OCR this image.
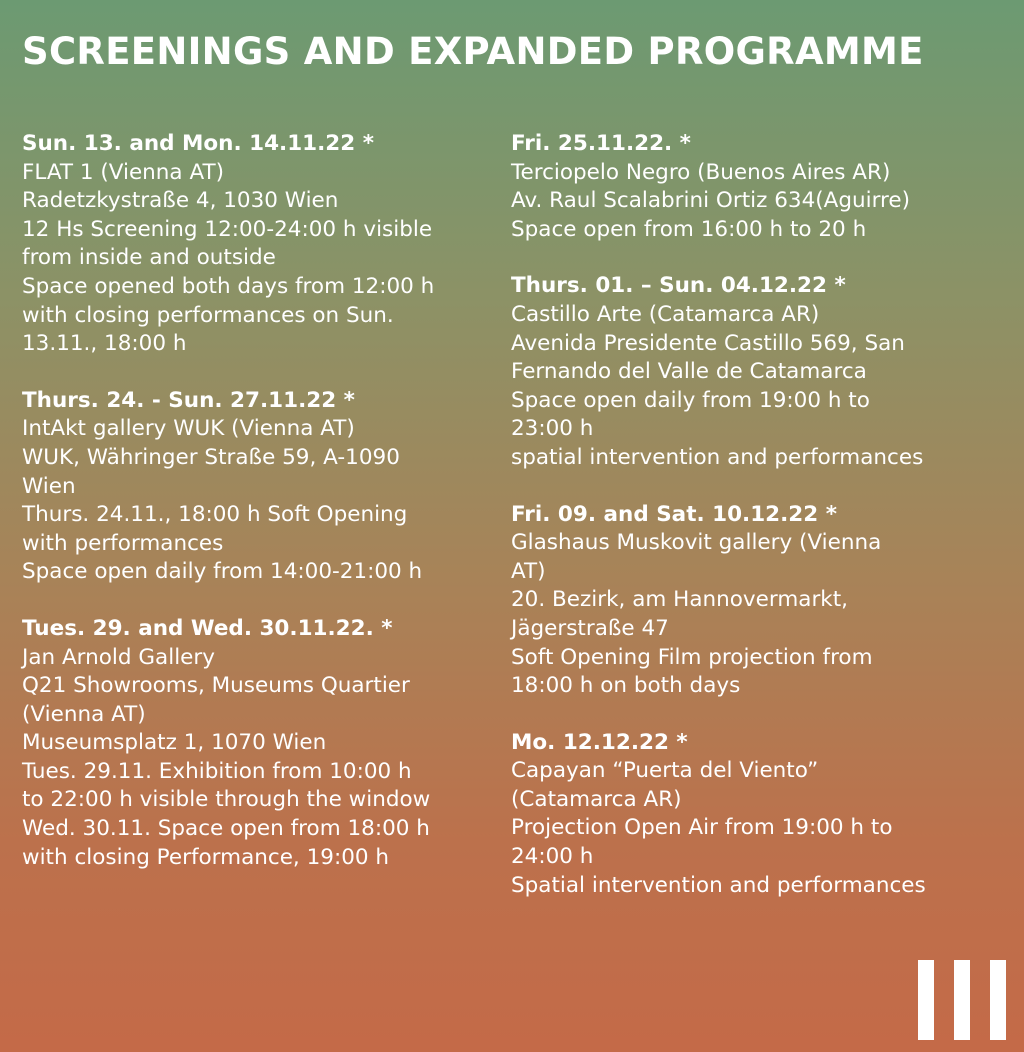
SCREENINGS AND EXPANDED PROGRAMME
Sun. 13. and Mon. 14.11.22 *
FLAT 1 (Vienna AT)
Radetzkystraße 4, 1030 Wien
12 Hs Screening 12:00-24:00 h visible
from inside and outside
Space opened both days from 12:00 h
with closing performances on Sun.
13.11., 18:00 h
Thurs. 24. - Sun. 27.11.22 *
IntAkt gallery WUK (Vienna AT)
WUK, Währinger Straße 59, A-1090
Wien
Thurs. 24.11., 18:00 h Soft Opening
with performances
Space open daily from 14:00-21:00 h
Tues. 29. and Wed. 30.11.22. *
Jan Arnold Gallery
Q21 Showrooms, Museums Quartier
(Vienna AT)
Museumsplatz 1, 1070 Wien
Tues. 29.11. Exhibition from 10:00 h
to 22:00 h visible through the window
Wed. 30.11. Space open from 18:00 h
with closing Performance, 19:00 h
Fri. 25.11.22. *
Terciopelo Negro (Buenos Aires AR)
Av. Raul Scalabrini Ortiz 634(Aguirre)
Space open from 16:00 h to 20 h
Thurs. 01. – Sun. 04.12.22 *
Castillo Arte (Catamarca AR)
Avenida Presidente Castillo 569, San
Fernando del Valle de Catamarca
Space open daily from 19:00 h to
23:00 h
spatial intervention and performances
Fri. 09. and Sat. 10.12.22 *
Glashaus Muskovit gallery (Vienna
AT)
20. Bezirk, am Hannovermarkt,
Jägerstraße 47
Soft Opening Film projection from
18:00 h on both days
Mo. 12.12.22 *
Capayan “Puerta del Viento”
(Catamarca AR)
Projection Open Air from 19:00 h to
24:00 h
Spatial intervention and performances
